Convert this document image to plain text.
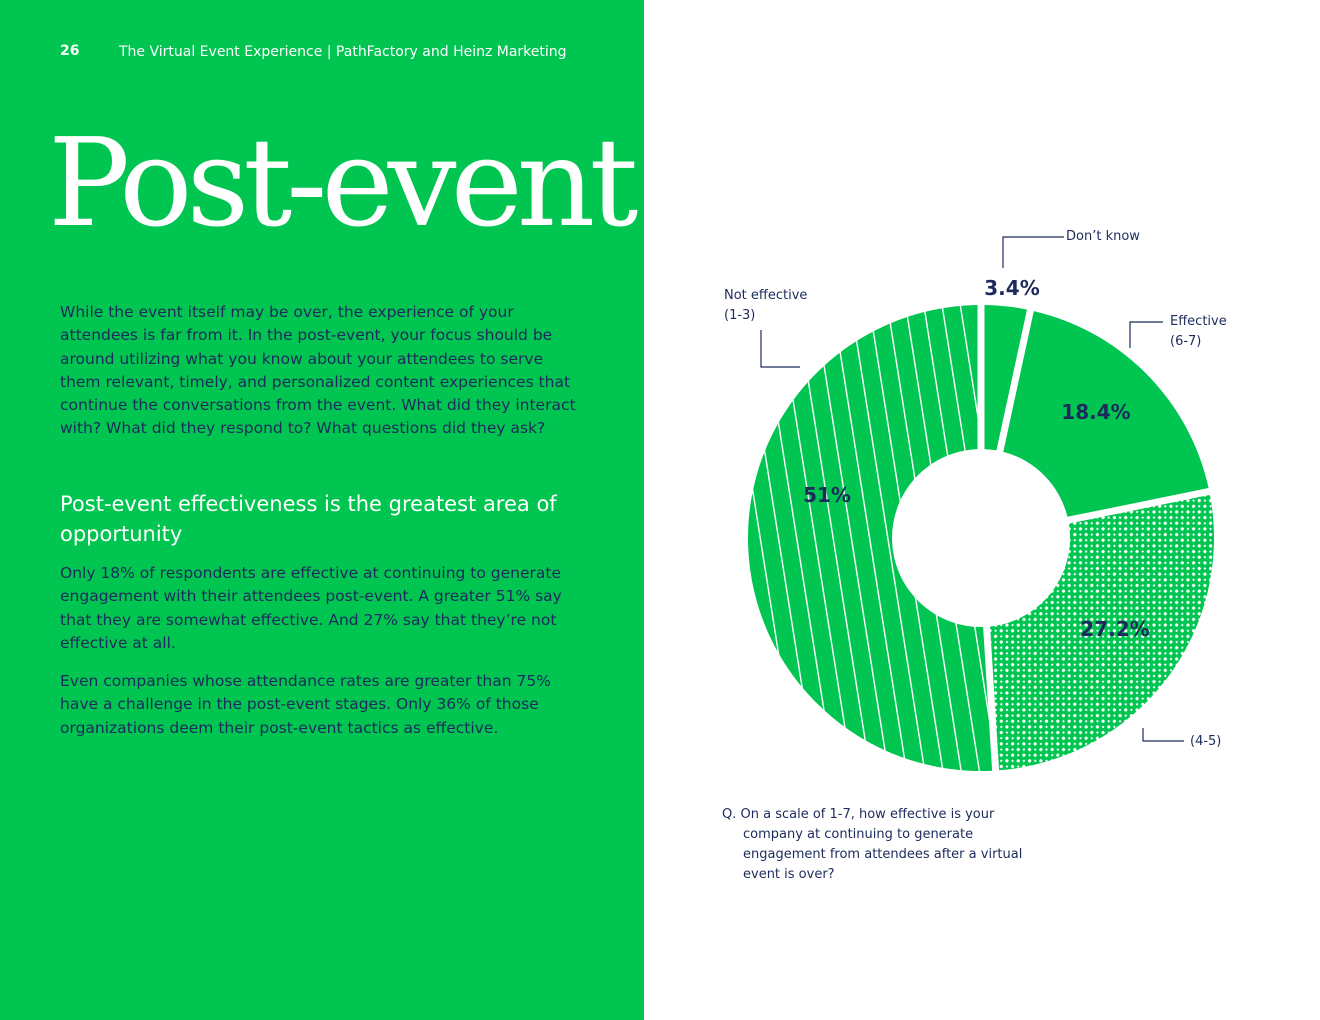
26	The Virtual Event Experience | PathFactory and Heinz Marketing
Post-event

While the event itself may be over, the experience of your attendees is far from it. In the post-event, your focus should be around utilizing what you know about your attendees to serve them relevant, timely, and personalized content experiences that continue the conversations from the event. What did they interact with? What did they respond to? What questions did they ask?

Post-event effectiveness is the greatest area of opportunity

Only 18% of respondents are effective at continuing to generate engagement with their attendees post-event. A greater 51% say that they are somewhat effective. And 27% say that they’re not effective at all.

Even companies whose attendance rates are greater than 75% have a challenge in the post-event stages. Only 36% of those organizations deem their post-event tactics as effective.

3.4%
18.4%
27.2%
51%

Don’t know

Effective
(6-7)

(4-5)

Not effective
(1-3)

Q. On a scale of 1-7, how effective is your company at continuing to generate engagement from attendees after a virtual event is over?
